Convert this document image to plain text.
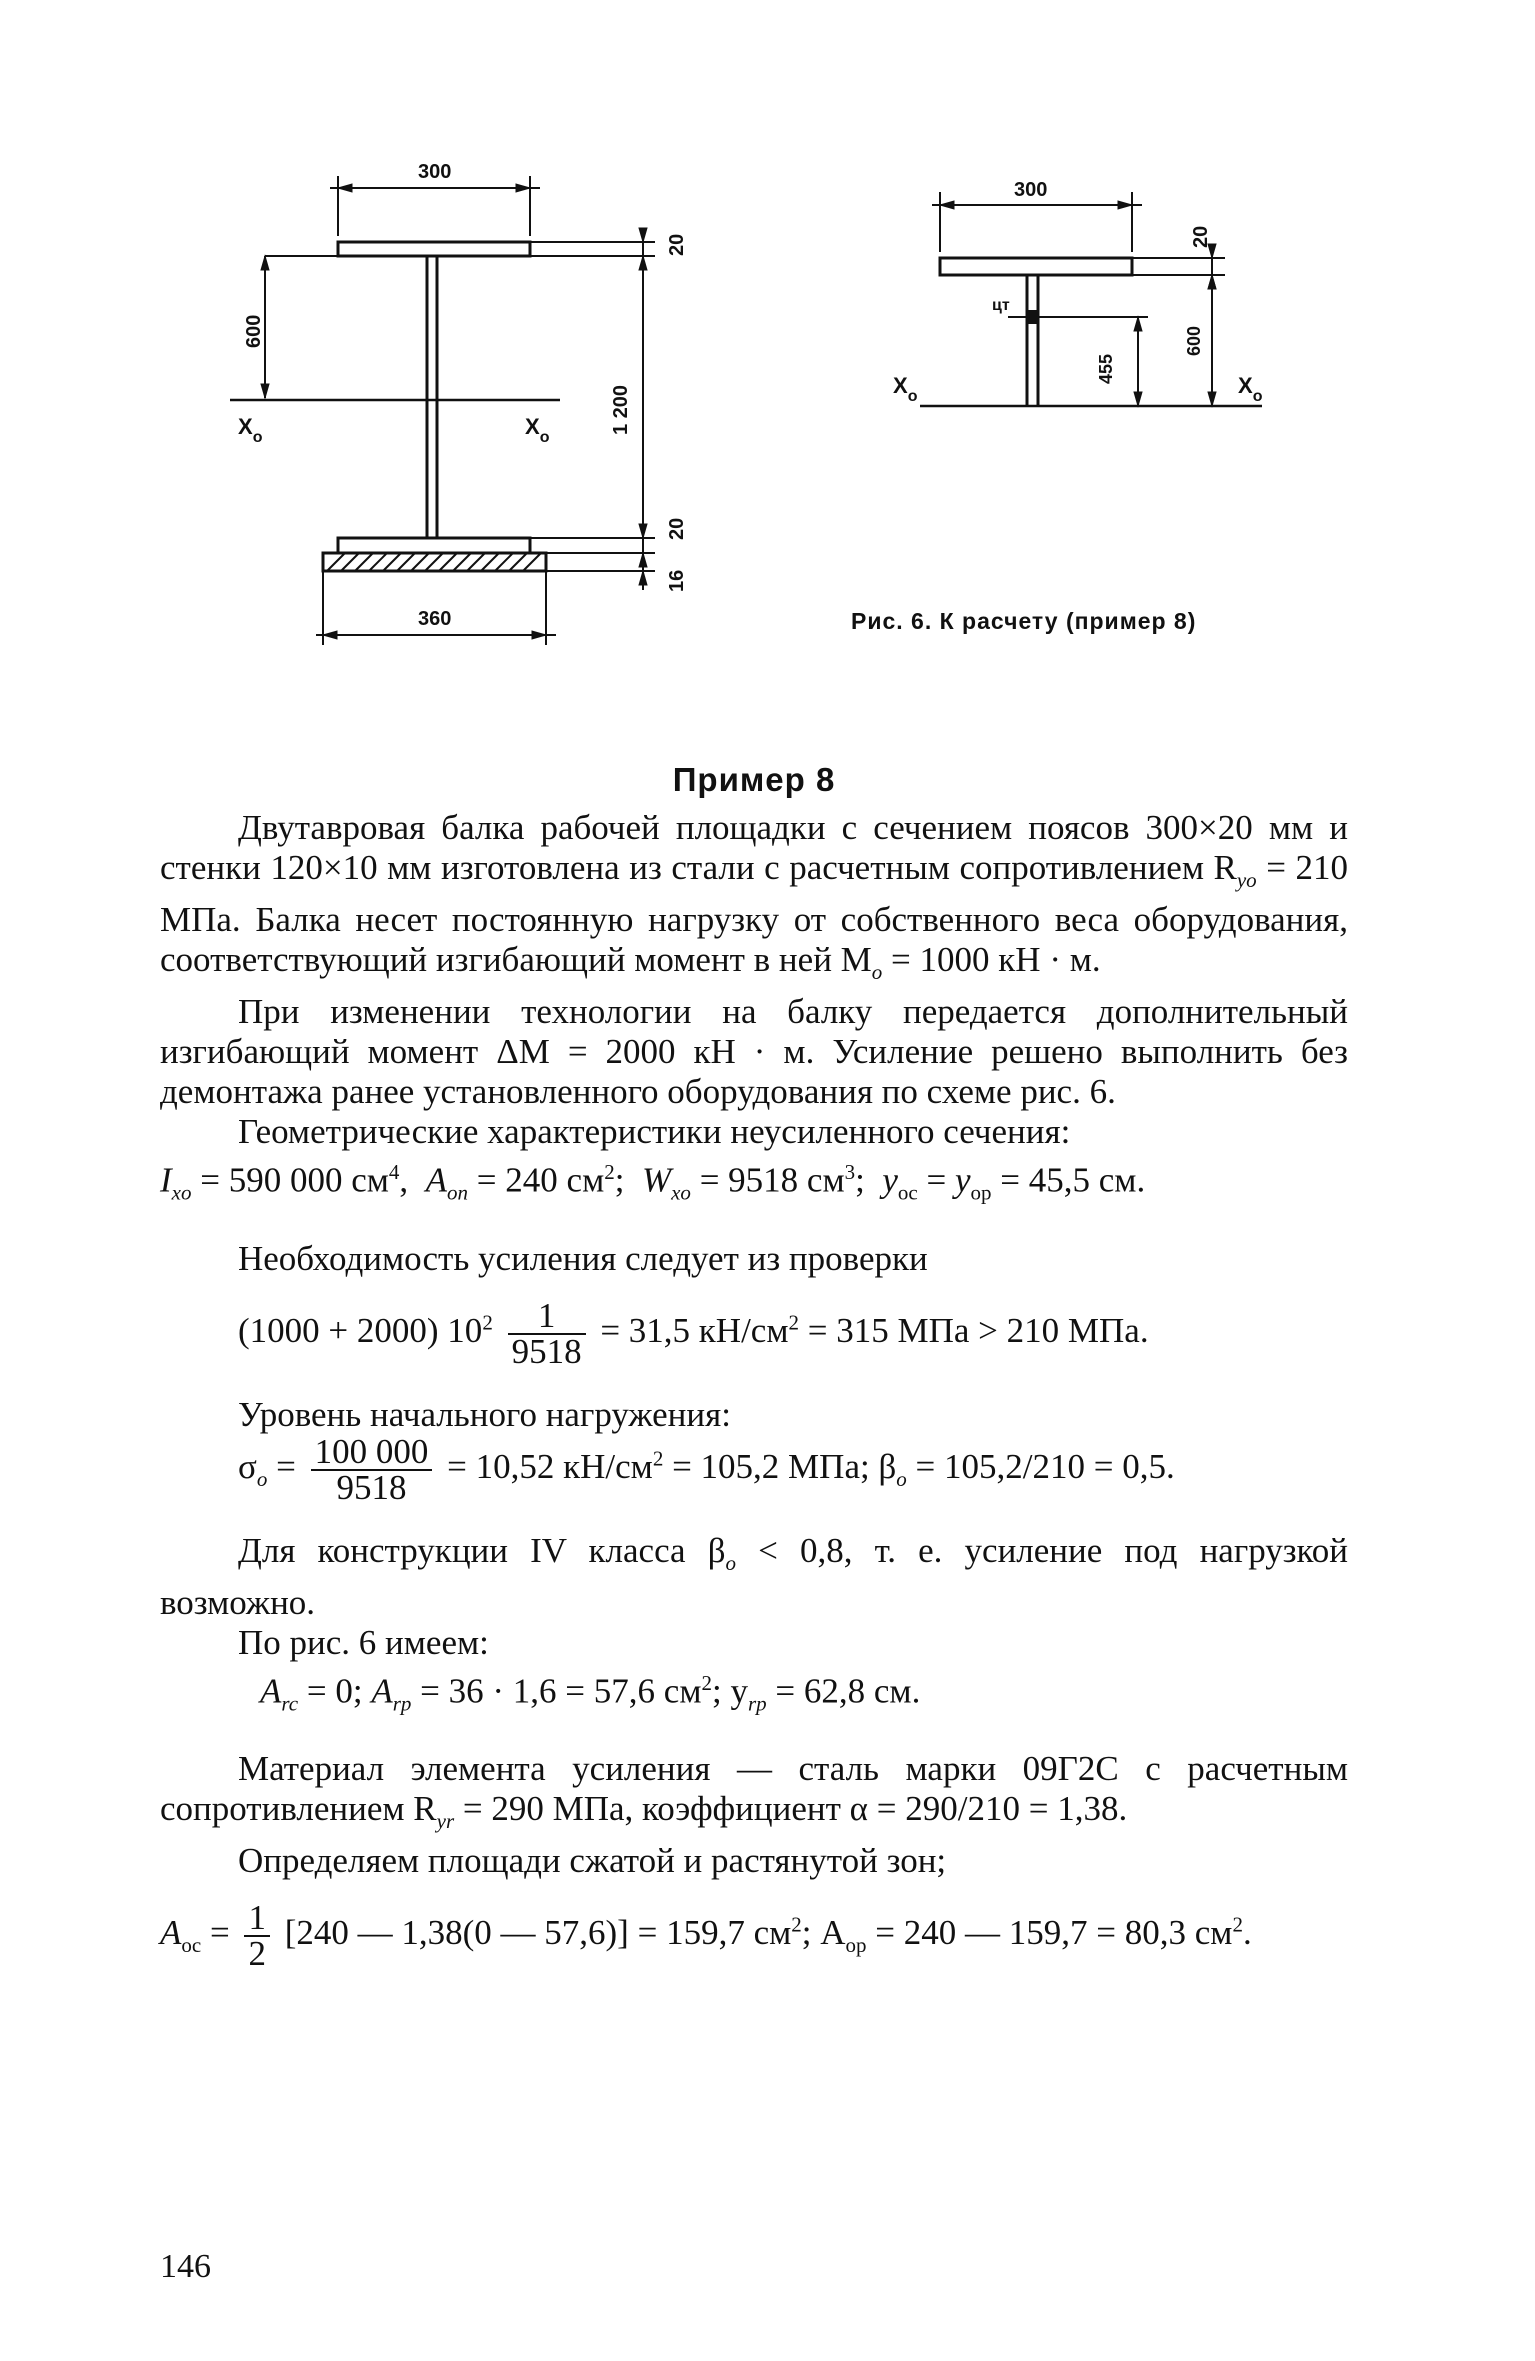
300
20
600
1 200
20
16
360
$X_o$	$X_o$
300
20
цт
455
600
$X_o$	$X_o$
Рис. 6. К расчету (пример 8)
Пример 8

Двутавровая балка рабочей площадки с сечением поясов 300×20 мм и стенки 120×10 мм изготовлена из стали с расчетным сопротивлением $R_{yo} = 210$ МПа. Балка несет постоянную нагрузку от собственного веса оборудования, соответствующий изгибающий момент в ней $M_o = 1000$ кН · м.

При изменении технологии на балку передается дополнительный изгибающий момент ΔM = 2000 кН · м. Усиление решено выполнить без демонтажа ранее установленного оборудования по схеме рис. 6.

Геометрические характеристики неусиленного сечения:

$I_{xo} = 590$ 000 $см^4$,  $A_{on} = 240$ $см^2$;  $W_{xo} = 9518$ $см^3$;  $y_{oc} = y_{op} = 45,5$ см.

Необходимость усиления следует из проверки

(1000 + 2000) $10^2 \frac{1}{9518} = 31,5$ $кН/см^2 = 315$ МПа > 210 МПа.

Уровень начального нагружения:

$\sigma_o = \frac{100 000}{9518} = 10,52$ $кН/см^2 = 105,2$ МПа; $\beta_o = 105,2/210 = 0,5$.

Для конструкции IV класса $\beta_o < 0,8$, т. е. усиление под нагрузкой возможно.

По рис. 6 имеем:

$A_{rc} = 0$; $A_{rp} = 36 \cdot 1,6 = 57,6$ $см^2$; $y_{rp} = 62,8$ см.

Материал элемента усиления — сталь марки 09Г2С с расчетным сопротивлением $R_{yr} = 290$ МПа, коэффициент α = 290/210 = 1,38.

Определяем площади сжатой и растянутой зон;

$A_{oc} = \frac{1}{2} [240$ — 1,38(0 — 57,6)] = 159,7 $см^2$; $A_{op} = 240$ — 159,7 = 80,3 $см^2$.

146
